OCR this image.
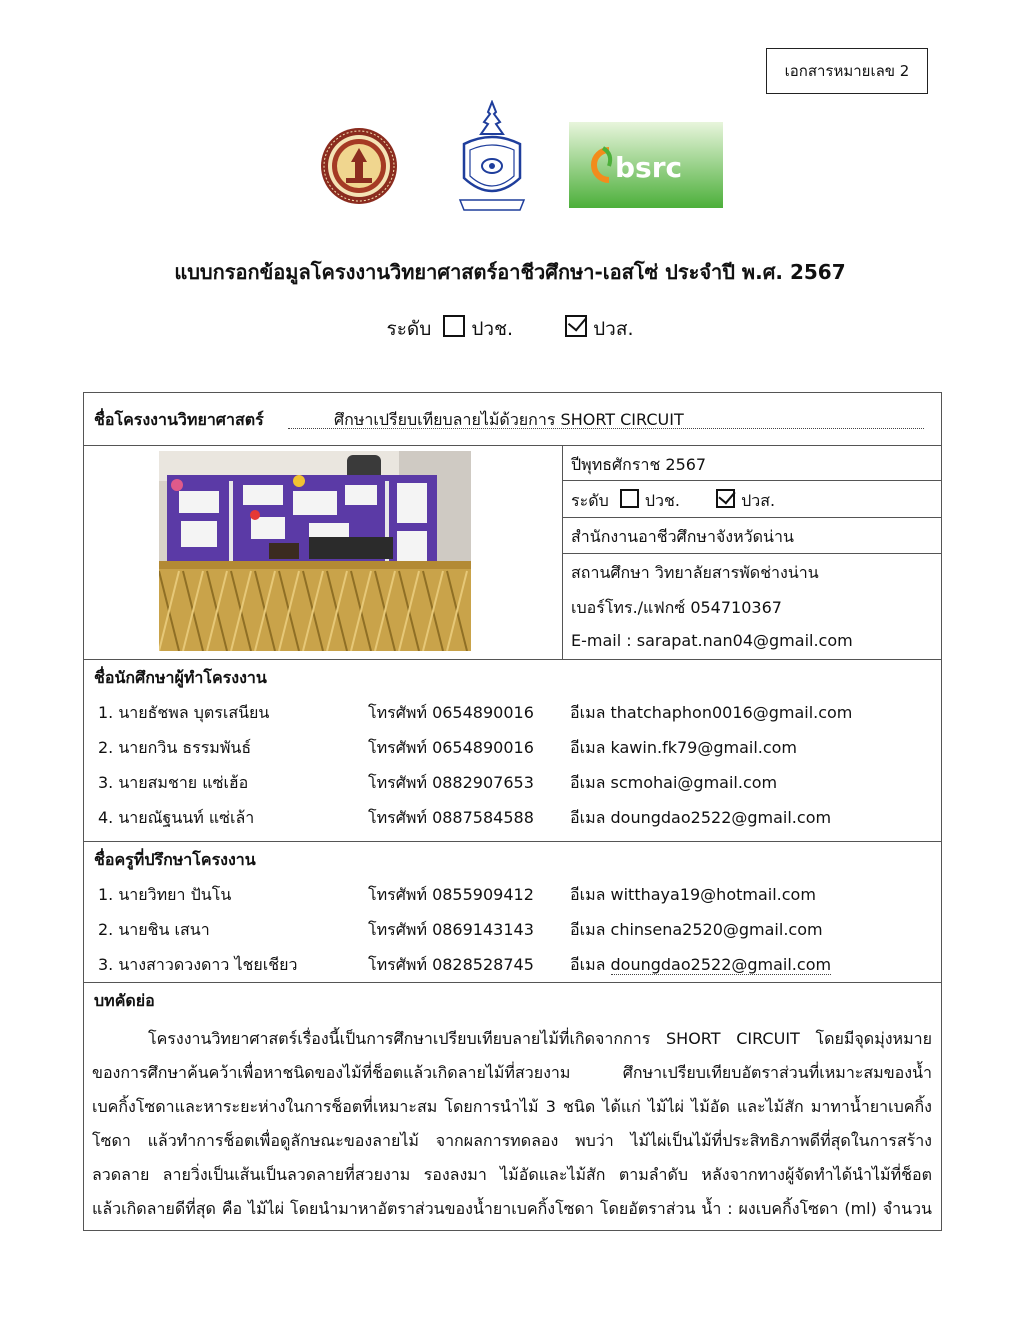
เอกสารหมายเลข 2
bsrc
แบบกรอกข้อมูลโครงงานวิทยาศาสตร์อาชีวศึกษา-เอสโซ่ ประจำปี พ.ศ. 2567
ระดับ ปวช.	ปวส.
ชื่อโครงงานวิทยาศาสตร์	ศึกษาเปรียบเทียบลายไม้ด้วยการ SHORT CIRCUIT
ปีพุทธศักราช 2567
ระดับ ปวช.	ปวส.
สำนักงานอาชีวศึกษาจังหวัดน่าน
สถานศึกษา วิทยาลัยสารพัดช่างน่าน
เบอร์โทร./แฟกซ์ 054710367
E-mail : sarapat.nan04@gmail.com
ชื่อนักศึกษาผู้ทำโครงงาน
1. นายธัชพล บุตรเสนียน	โทรศัพท์ 0654890016 อีเมล thatchaphon0016@gmail.com
2. นายกวิน ธรรมพันธ์	โทรศัพท์ 0654890016 อีเมล kawin.fk79@gmail.com
3. นายสมชาย แซ่เฮ้อ	โทรศัพท์ 0882907653 อีเมล scmohai@gmail.com
4. นายณัฐนนท์ แซ่เล้า	โทรศัพท์ 0887584588 อีเมล doungdao2522@gmail.com
ชื่อครูที่ปรึกษาโครงงาน
1. นายวิทยา ปันโน	โทรศัพท์ 0855909412 อีเมล witthaya19@hotmail.com
2. นายชิน เสนา	โทรศัพท์ 0869143143 อีเมล chinsena2520@gmail.com
3. นางสาวดวงดาว ไชยเชียว	โทรศัพท์ 0828528745 อีเมล doungdao2522@gmail.com
บทคัดย่อ
โครงงานวิทยาศาสตร์เรื่องนี้เป็นการศึกษาเปรียบเทียบลายไม้ที่เกิดจากการ SHORT CIRCUIT โดยมีจุดมุ่งหมาย
ของการศึกษาค้นคว้าเพื่อหาชนิดของไม้ที่ช็อตแล้วเกิดลายไม้ที่สวยงาม ศึกษาเปรียบเทียบอัตราส่วนที่เหมาะสมของน้ำ
เบคกิ้งโซดาและหาระยะห่างในการช็อตที่เหมาะสม โดยการนำไม้ 3 ชนิด ได้แก่ ไม้ไผ่ ไม้อัด และไม้สัก มาทาน้ำยาเบคกิ้ง
โซดา แล้วทำการช็อตเพื่อดูลักษณะของลายไม้ จากผลการทดลอง พบว่า ไม้ไผ่เป็นไม้ที่ประสิทธิภาพดีที่สุดในการสร้าง
ลวดลาย ลายวิ่งเป็นเส้นเป็นลวดลายที่สวยงาม รองลงมา ไม้อัดและไม้สัก ตามลำดับ หลังจากทางผู้จัดทำได้นำไม้ที่ช็อต
แล้วเกิดลายดีที่สุด คือ ไม้ไผ่ โดยนำมาหาอัตราส่วนของน้ำยาเบคกิ้งโซดา โดยอัตราส่วน น้ำ : ผงเบคกิ้งโซดา (ml) จำนวน
